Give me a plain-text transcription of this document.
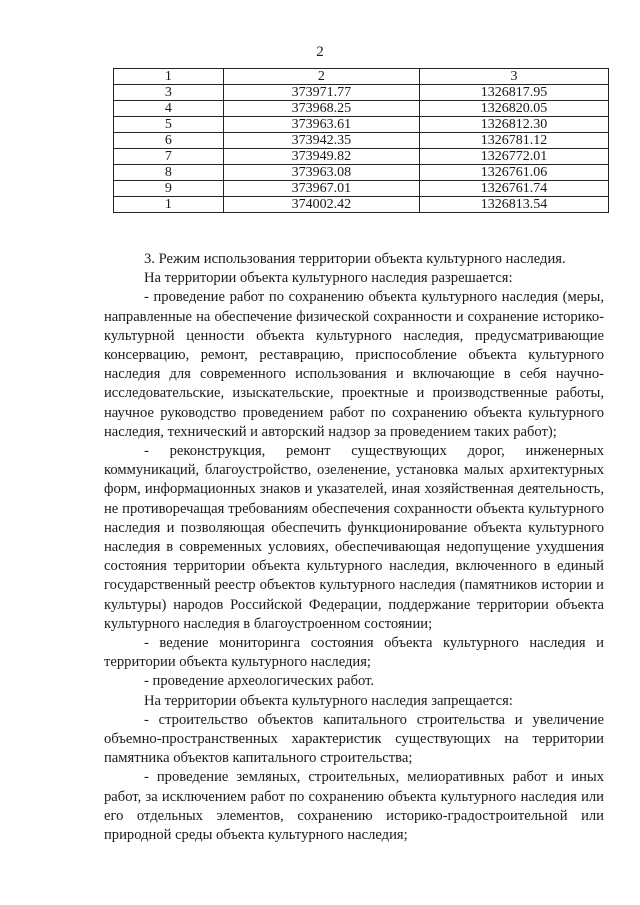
2
1	2	3
3	373971.77	1326817.95
4	373968.25	1326820.05
5	373963.61	1326812.30
6	373942.35	1326781.12
7	373949.82	1326772.01
8	373963.08	1326761.06
9	373967.01	1326761.74
1	374002.42	1326813.54

3. Режим использования территории объекта культурного наследия.

На территории объекта культурного наследия разрешается:

- проведение работ по сохранению объекта культурного наследия (меры, направленные на обеспечение физической сохранности и сохранение историко-культурной ценности объекта культурного наследия, предусматривающие консервацию, ремонт, реставрацию, приспособление объекта культурного наследия для современного использования и включающие в себя научно-исследовательские, изыскательские, проектные и производственные работы, научное руководство проведением работ по сохранению объекта культурного наследия, технический и авторский надзор за проведением таких работ);

- реконструкция, ремонт существующих дорог, инженерных коммуникаций, благоустройство, озеленение, установка малых архитектурных форм, информационных знаков и указателей, иная хозяйственная деятельность, не противоречащая требованиям обеспечения сохранности объекта культурного наследия и позволяющая обеспечить функционирование объекта культурного наследия в современных условиях, обеспечивающая недопущение ухудшения состояния территории объекта культурного наследия, включенного в единый государственный реестр объектов культурного наследия (памятников истории и культуры) народов Российской Федерации, поддержание территории объекта культурного наследия в благоустроенном состоянии;

- ведение мониторинга состояния объекта культурного наследия и территории объекта культурного наследия;

- проведение археологических работ.

На территории объекта культурного наследия запрещается:

- строительство объектов капитального строительства и увеличение объемно-пространственных характеристик существующих на территории памятника объектов капитального строительства;

- проведение земляных, строительных, мелиоративных работ и иных работ, за исключением работ по сохранению объекта культурного наследия или его отдельных элементов, сохранению историко-градостроительной или природной среды объекта культурного наследия;
